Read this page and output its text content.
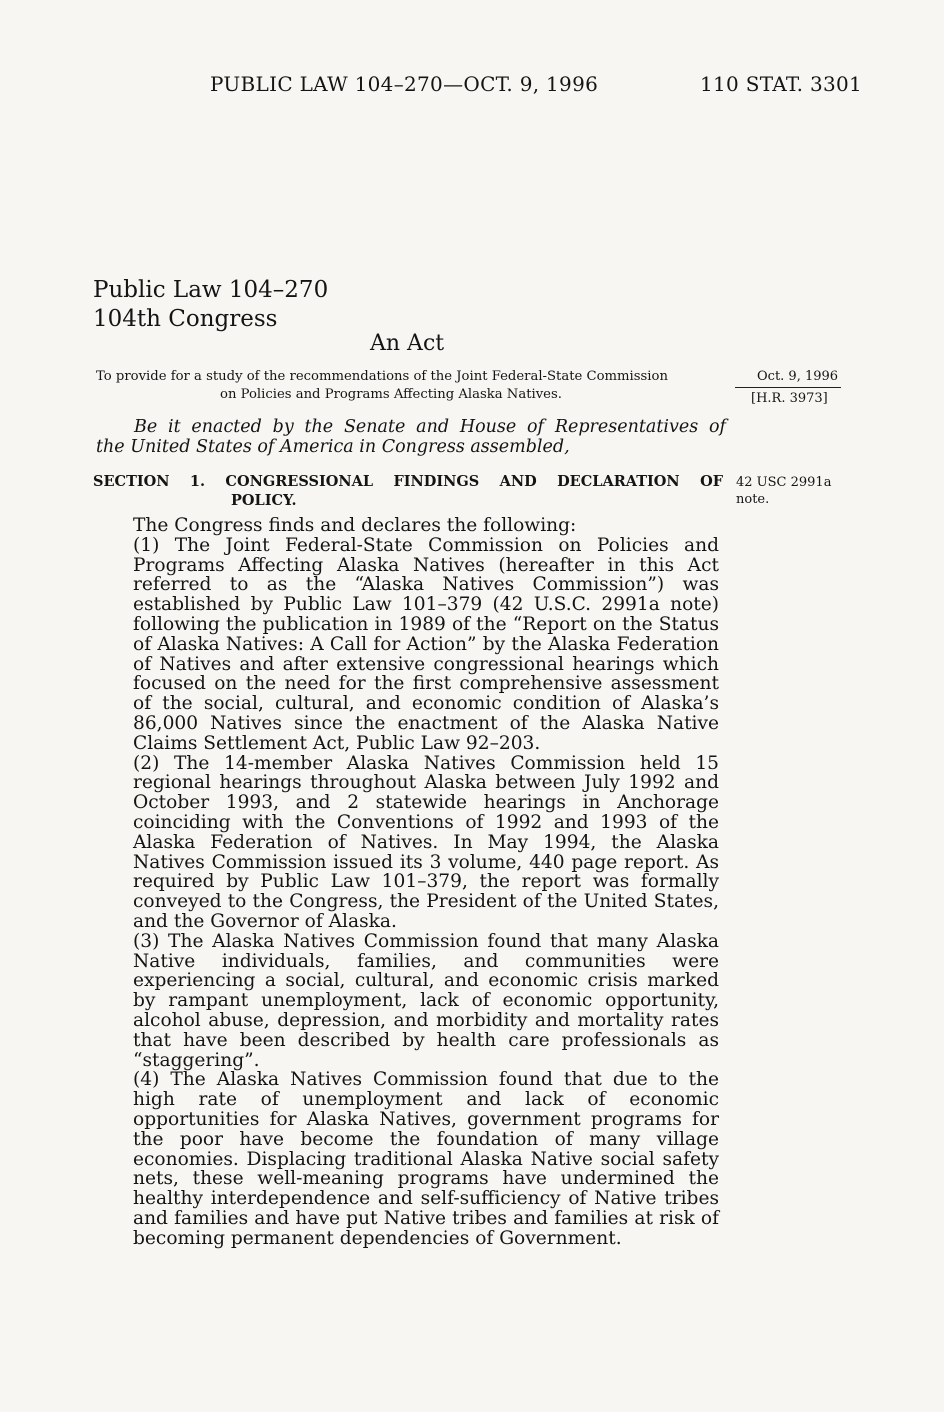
PUBLIC LAW 104–270—OCT. 9, 1996	110 STAT. 3301
Public Law 104–270
104th Congress
An Act
To provide for a study of the recommendations of the Joint Federal-State Commission
on Policies and Programs Affecting Alaska Natives.
Oct. 9, 1996
[H.R. 3973]
Be it enacted by the Senate and House of Representatives of
the United States of America in Congress assembled,
SECTION 1. CONGRESSIONAL FINDINGS AND DECLARATION OF
POLICY.
42 USC 2991a
note.

The Congress finds and declares the following:

(1) The Joint Federal-State Commission on Policies and Programs Affecting Alaska Natives (hereafter in this Act referred to as the “Alaska Natives Commission”) was established by Public Law 101–379 (42 U.S.C. 2991a note) following the publication in 1989 of the “Report on the Status of Alaska Natives: A Call for Action” by the Alaska Federation of Natives and after extensive congressional hearings which focused on the need for the first comprehensive assessment of the social, cultural, and economic condition of Alaska’s 86,000 Natives since the enactment of the Alaska Native Claims Settlement Act, Public Law 92–203.

(2) The 14-member Alaska Natives Commission held 15 regional hearings throughout Alaska between July 1992 and October 1993, and 2 statewide hearings in Anchorage coinciding with the Conventions of 1992 and 1993 of the Alaska Federation of Natives. In May 1994, the Alaska Natives Commission issued its 3 volume, 440 page report. As required by Public Law 101–379, the report was formally conveyed to the Congress, the President of the United States, and the Governor of Alaska.

(3) The Alaska Natives Commission found that many Alaska Native individuals, families, and communities were experiencing a social, cultural, and economic crisis marked by rampant unemployment, lack of economic opportunity, alcohol abuse, depression, and morbidity and mortality rates that have been described by health care professionals as “staggering”.

(4) The Alaska Natives Commission found that due to the high rate of unemployment and lack of economic opportunities for Alaska Natives, government programs for the poor have become the foundation of many village economies. Displacing traditional Alaska Native social safety nets, these well-meaning programs have undermined the healthy interdependence and self-sufficiency of Native tribes and families and have put Native tribes and families at risk of becoming permanent dependencies of Government.
